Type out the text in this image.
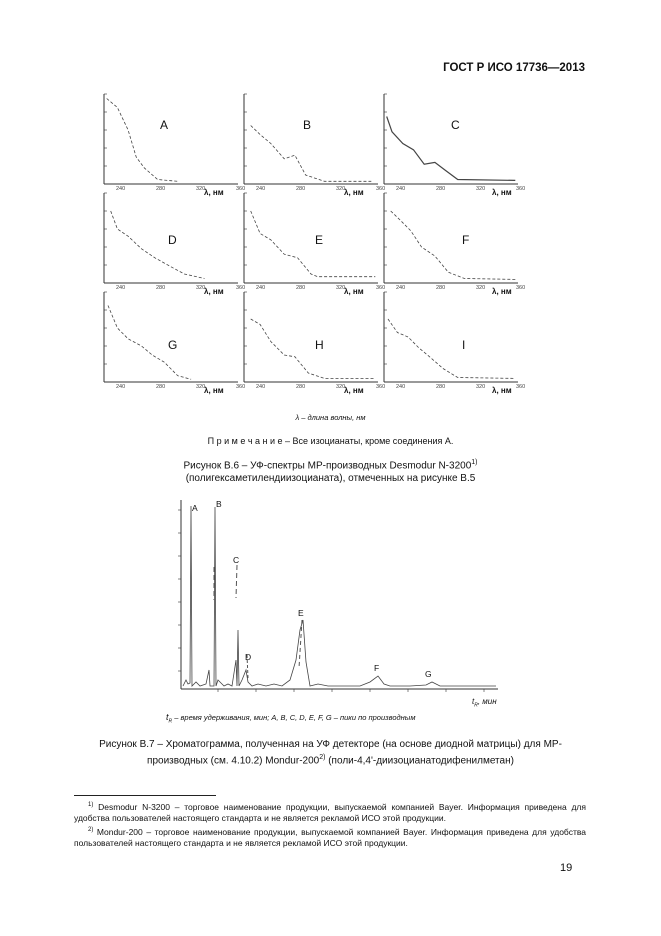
ГОСТ Р ИСО 17736—2013
A
240	280	320	360
λ, нм
B
240	280	320	360
λ, нм
C
240	280	320	360
λ, нм
D
240	280	320	360
λ, нм
E
240	280	320	360
λ, нм
F
240	280	320	360
λ, нм
G
240	280	320	360
λ, нм
H
240	280	320	360
λ, нм
I
240	280	320	360
λ, нм
λ – длина волны, нм
П р и м е ч а н и е – Все изоцианаты, кроме соединения А.
Рисунок В.6 – УФ-спектры МР-производных Desmodur N-3200$^{1)}$
(полигексаметилендиизоцианата), отмеченных на рисунке В.5
A B
C
D
E
F
G
$t_R$, мин
$t_R$ – время удерживания, мин; A, B, C, D, E, F, G – пики по производным
Рисунок В.7 – Хроматограмма, полученная на УФ детекторе (на основе диодной матрицы) для МР-
производных (см. 4.10.2) Mondur-200$^{2)}$ (поли-4,4'-диизоцианатодифенилметан)
$^{1)}$ Desmodur N-3200 – торговое наименование продукции, выпускаемой компанией Bayer. Информация приведена для удобства пользователей настоящего стандарта и не является рекламой ИСО этой продукции.
$^{2)}$ Mondur-200 – торговое наименование продукции, выпускаемой компанией Bayer. Информация приведена для удобства пользователей настоящего стандарта и не является рекламой ИСО этой продукции.
19
